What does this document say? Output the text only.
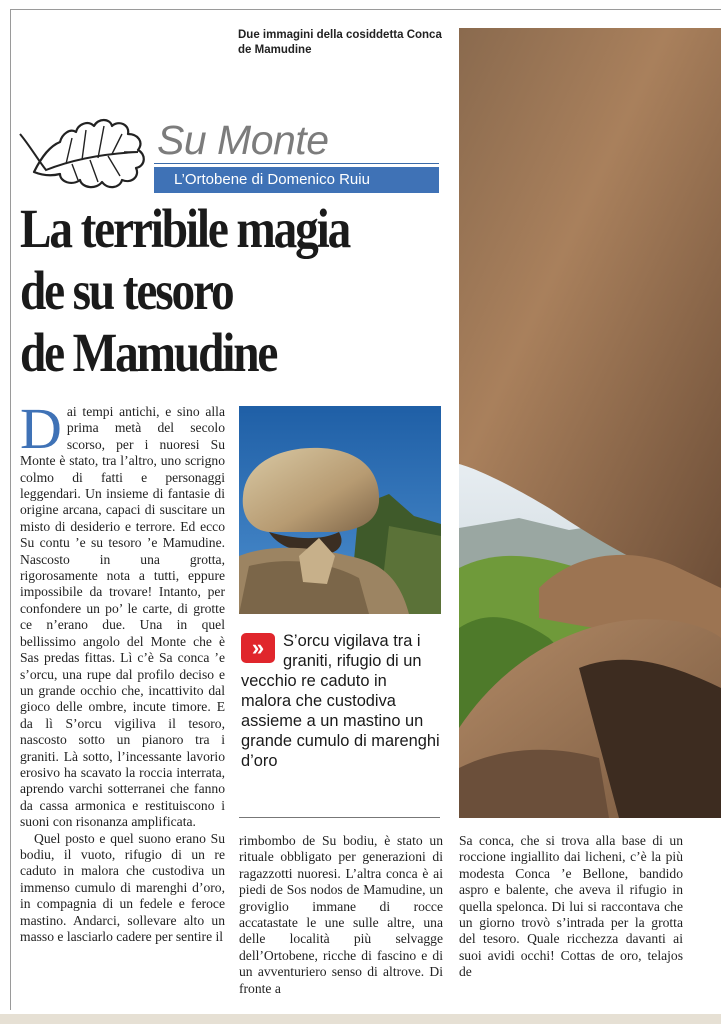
Due immagini della cosiddetta Conca de Mamudine
Su Monte
L’Ortobene di Domenico Ruiu
La terribile magia
de su tesoro
de Mamudine

Dai tempi antichi, e sino alla prima metà del secolo scorso, per i nuoresi Su Monte è stato, tra l’altro, uno scrigno colmo di fatti e personaggi leggendari. Un insieme di fantasie di origine arcana, capaci di suscitare un misto di desiderio e terrore. Ed ecco Su contu ’e su tesoro ’e Mamudine. Nascosto in una grotta, rigorosamente nota a tutti, eppure impossibile da trovare! Intanto, per confondere un po’ le carte, di grotte ce n’erano due. Una in quel bellissimo angolo del Monte che è Sas predas fittas. Lì c’è Sa conca ’e s’orcu, una rupe dal profilo deciso e un grande occhio che, incattivito dal gioco delle ombre, incute timore. E da lì S’orcu vigiliva il tesoro, nascosto sotto un pianoro tra i graniti. Là sotto, l’incessante lavorio erosivo ha scavato la roccia interrata, aprendo varchi sotterranei che fanno da cassa armonica e restituiscono i suoni con risonanza amplificata.

Quel posto e quel suono erano Su bodiu, il vuoto, rifugio di un re caduto in malora che custodiva un immenso cumulo di marenghi d’oro, in compagnia di un fedele e feroce mastino. Andarci, sollevare alto un masso e lasciarlo cadere per sentire il

»	S’orcu vigilava tra i graniti, rifugio di un vecchio re caduto in malora che custodiva assieme a un mastino un grande cumulo di marenghi d’oro
rimbombo de Su bodiu, è stato un rituale obbligato per generazioni di ragazzotti nuoresi. L’altra conca è ai piedi de Sos nodos de Mamudine, un groviglio immane di rocce accatastate le une sulle altre, una delle località più selvagge dell’Ortobene, ricche di fascino e di un avventuriero senso di altrove. Di fronte a
Sa conca, che si trova alla base di un roccione ingiallito dai licheni, c’è la più modesta Conca ’e Bellone, bandido aspro e balente, che aveva il rifugio in quella spelonca. Di lui si raccontava che un giorno trovò s’intrada per la grotta del tesoro. Quale ricchezza davanti ai suoi avidi occhi! Cottas de oro, telajos de
